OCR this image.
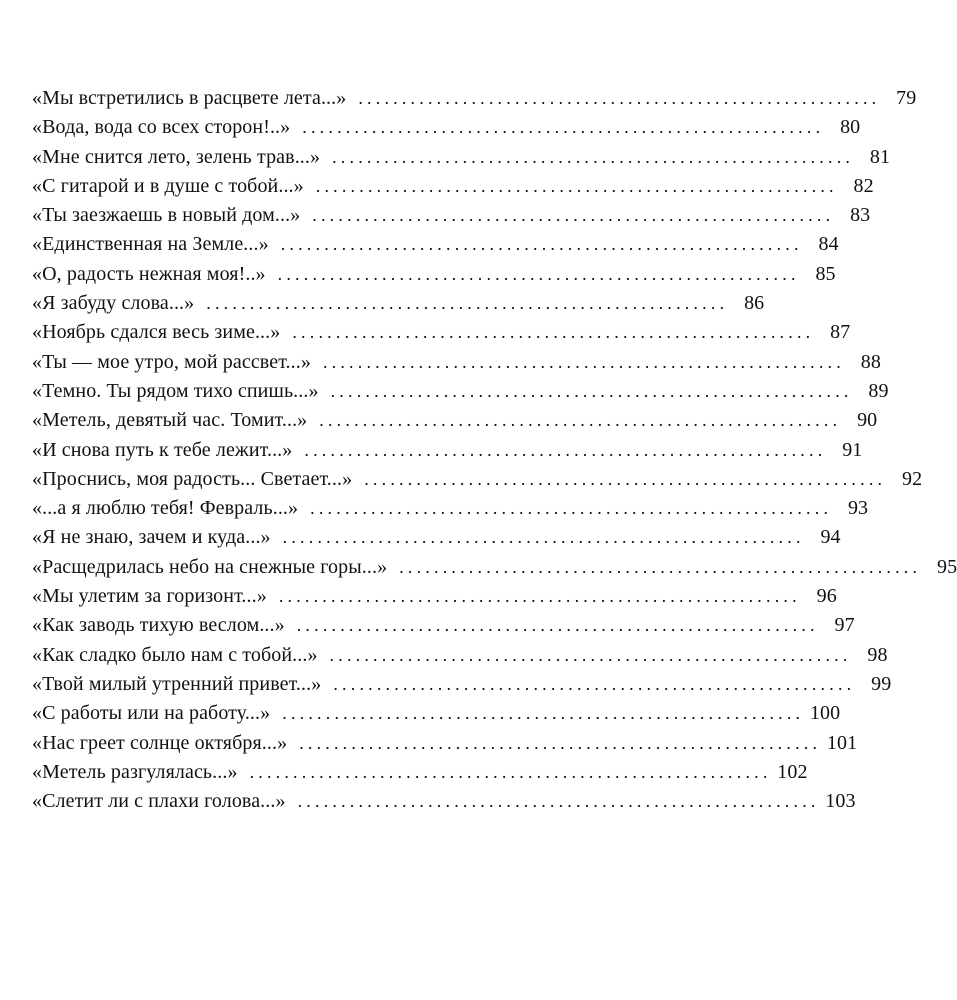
«Мы встретились в расцвете лета...» ............................................................ 79
«Вода, вода со всех сторон!..» ............................................................ 80
«Мне снится лето, зелень трав...» ............................................................ 81
«С гитарой и в душе с тобой...» ............................................................ 82
«Ты заезжаешь в новый дом...» ............................................................ 83
«Единственная на Земле...» ............................................................ 84
«О, радость нежная моя!..» ............................................................ 85
«Я забуду слова...» ............................................................ 86
«Ноябрь сдался весь зиме...» ............................................................ 87
«Ты — мое утро, мой рассвет...» ............................................................ 88
«Темно. Ты рядом тихо спишь...» ............................................................ 89
«Метель, девятый час. Томит...» ............................................................ 90
«И снова путь к тебе лежит...» ............................................................ 91
«Проснись, моя радость... Светает...» ............................................................ 92
«...а я люблю тебя! Февраль...» ............................................................ 93
«Я не знаю, зачем и куда...» ............................................................ 94
«Расщедрилась небо на снежные горы...» ............................................................ 95
«Мы улетим за горизонт...» ............................................................ 96
«Как заводь тихую веслом...» ............................................................ 97
«Как сладко было нам с тобой...» ............................................................ 98
«Твой милый утренний привет...» ............................................................ 99
«С работы или на работу...» ............................................................ 100
«Нас греет солнце октября...» ............................................................ 101
«Метель разгулялась...» ............................................................ 102
«Слетит ли с плахи голова...» ............................................................ 103
